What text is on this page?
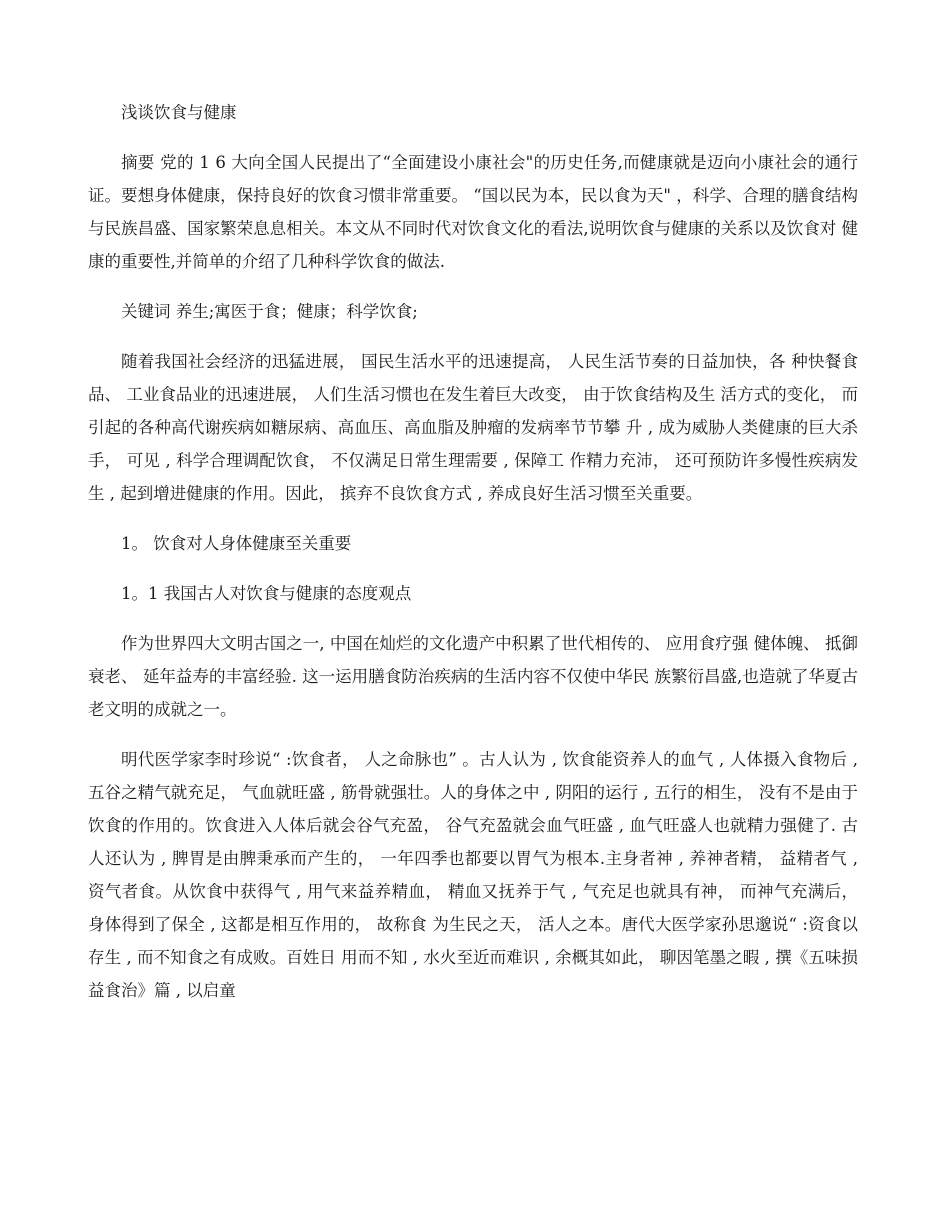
浅谈饮食与健康

摘要 党的 1 6 大向全国人民提出了“全面建设小康社会"的历史任务,而健康就是迈向小康社会的通行 证。要想身体健康，保持良好的饮食习惯非常重要。 “国以民为本，民以食为天" ，科学、合理的膳食结构 与民族昌盛、国家繁荣息息相关。本文从不同时代对饮食文化的看法,说明饮食与健康的关系以及饮食对 健康的重要性,并简单的介绍了几种科学饮食的做法.

关键词 养生;寓医于食；健康；科学饮食;

随着我国社会经济的迅猛进展， 国民生活水平的迅速提高， 人民生活节奏的日益加快，各 种快餐食品、 工业食品业的迅速进展， 人们生活习惯也在发生着巨大改变， 由于饮食结构及生 活方式的变化， 而引起的各种高代谢疾病如糖尿病、高血压、高血脂及肿瘤的发病率节节攀 升 , 成为威胁人类健康的巨大杀手， 可见 , 科学合理调配饮食， 不仅满足日常生理需要 , 保障工 作精力充沛， 还可预防许多慢性疾病发生 , 起到增进健康的作用。因此， 摈弃不良饮食方式 , 养成良好生活习惯至关重要。

1。 饮食对人身体健康至关重要

1。1 我国古人对饮食与健康的态度观点

作为世界四大文明古国之一, 中国在灿烂的文化遗产中积累了世代相传的、 应用食疗强 健体魄、 抵御衰老、 延年益寿的丰富经验. 这一运用膳食防治疾病的生活内容不仅使中华民 族繁衍昌盛,也造就了华夏古老文明的成就之一。

明代医学家李时珍说“ :饮食者， 人之命脉也” 。古人认为 , 饮食能资养人的血气 , 人体摄入食物后 , 五谷之精气就充足， 气血就旺盛 , 筋骨就强壮。人的身体之中 , 阴阳的运行 , 五行的相生， 没有不是由于饮食的作用的。饮食进入人体后就会谷气充盈， 谷气充盈就会血气旺盛 , 血气旺盛人也就精力强健了. 古人还认为 , 脾胃是由脾秉承而产生的， 一年四季也都要以胃气为根本.主身者神 , 养神者精， 益精者气 , 资气者食。从饮食中获得气 , 用气来益养精血， 精血又抚养于气 , 气充足也就具有神， 而神气充满后， 身体得到了保全 , 这都是相互作用的， 故称食 为生民之天， 活人之本。唐代大医学家孙思邈说“ :资食以存生 , 而不知食之有成败。百姓日 用而不知 , 水火至近而难识 , 余概其如此， 聊因笔墨之暇 , 撰《五味损益食治》篇 , 以启童
